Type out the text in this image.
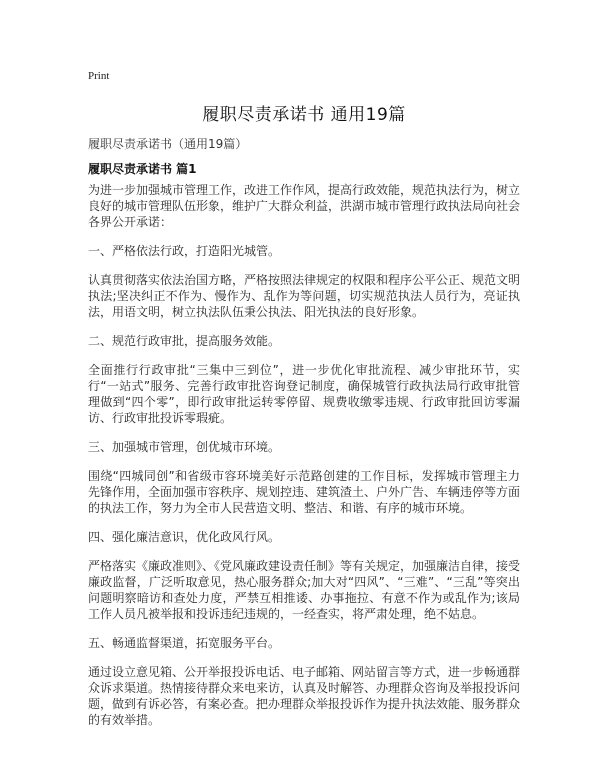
Print
履职尽责承诺书 通用19篇
履职尽责承诺书（通用19篇）
履职尽责承诺书 篇1

为进一步加强城市管理工作，改进工作作风，提高行政效能，规范执法行为，树立良好的城市管理队伍形象，维护广大群众利益，洪湖市城市管理行政执法局向社会各界公开承诺：

一、严格依法行政，打造阳光城管。

认真贯彻落实依法治国方略，严格按照法律规定的权限和程序公平公正、规范文明执法;坚决纠正不作为、慢作为、乱作为等问题，切实规范执法人员行为，亮证执法，用语文明，树立执法队伍秉公执法、阳光执法的良好形象。

二、规范行政审批，提高服务效能。

全面推行行政审批“三集中三到位”，进一步优化审批流程、减少审批环节，实行“一站式”服务、完善行政审批咨询登记制度，确保城管行政执法局行政审批管理做到“四个零”，即行政审批运转零停留、规费收缴零违规、行政审批回访零漏访、行政审批投诉零瑕疵。

三、加强城市管理，创优城市环境。

围绕“四城同创”和省级市容环境美好示范路创建的工作目标，发挥城市管理主力先锋作用，全面加强市容秩序、规划控违、建筑渣土、户外广告、车辆违停等方面的执法工作，努力为全市人民营造文明、整洁、和谐、有序的城市环境。

四、强化廉洁意识，优化政风行风。

严格落实《廉政准则》、《党风廉政建设责任制》等有关规定，加强廉洁自律，接受廉政监督，广泛听取意见，热心服务群众;加大对“四风”、“三难”、“三乱”等突出问题明察暗访和查处力度，严禁互相推诿、办事拖拉、有意不作为或乱作为;该局工作人员凡被举报和投诉违纪违规的，一经查实，将严肃处理，绝不姑息。

五、畅通监督渠道，拓宽服务平台。

通过设立意见箱、公开举报投诉电话、电子邮箱、网站留言等方式，进一步畅通群众诉求渠道。热情接待群众来电来访，认真及时解答、办理群众咨询及举报投诉问题，做到有诉必答，有案必查。把办理群众举报投诉作为提升执法效能、服务群众的有效举措。
